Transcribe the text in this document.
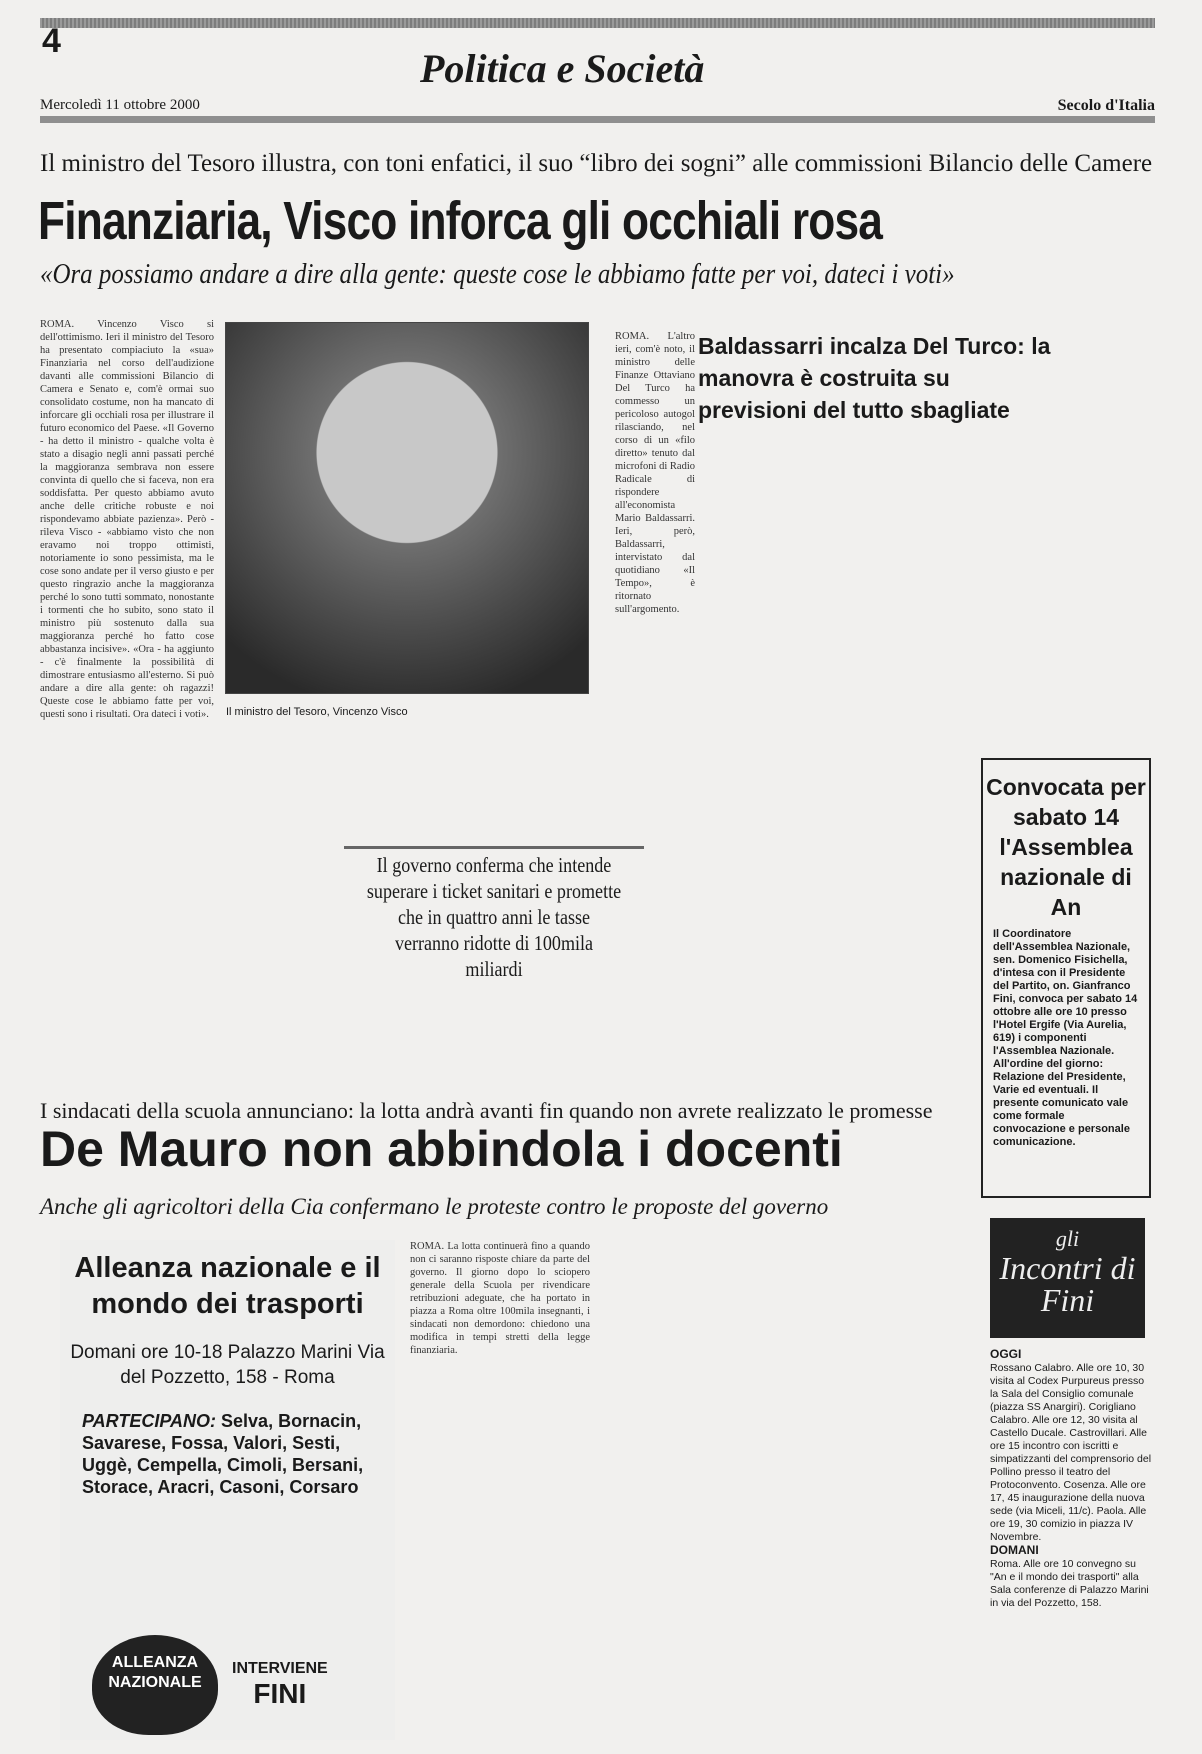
4
Politica e Società
Mercoledì 11 ottobre 2000	Secolo d'Italia
Il ministro del Tesoro illustra, con toni enfatici, il suo “libro dei sogni” alle commissioni Bilancio delle Camere
Finanziaria, Visco inforca gli occhiali rosa
«Ora possiamo andare a dire alla gente: queste cose le abbiamo fatte per voi, dateci i voti»
ROMA. Vincenzo Visco si dell'ottimismo. Ieri il ministro del Tesoro ha presentato compiaciuto la «sua» Finanziaria nel corso dell'audizione davanti alle commissioni Bilancio di Camera e Senato e, com'è ormai suo consolidato costume, non ha mancato di inforcare gli occhiali rosa per illustrare il futuro economico del Paese. «Il Governo - ha detto il ministro - qualche volta è stato a disagio negli anni passati perché la maggioranza sembrava non essere convinta di quello che si faceva, non era soddisfatta. Per questo abbiamo avuto anche delle critiche robuste e noi rispondevamo abbiate pazienza». Però - rileva Visco - «abbiamo visto che non eravamo noi troppo ottimisti, notoriamente io sono pessimista, ma le cose sono andate per il verso giusto e per questo ringrazio anche la maggioranza perché lo sono tutti sommato, nonostante i tormenti che ho subito, sono stato il ministro più sostenuto dalla sua maggioranza perché ho fatto cose abbastanza incisive». «Ora - ha aggiunto - c'è finalmente la possibilità di dimostrare entusiasmo all'esterno. Si può andare a dire alla gente: oh ragazzi! Queste cose le abbiamo fatte per voi, questi sono i risultati. Ora dateci i voti».	Il ministro del Tesoro, Vincenzo Visco
ROMA. L'altro ieri, com'è noto, il ministro delle Finanze Ottaviano Del Turco ha commesso un pericoloso autogol rilasciando, nel corso di un «filo diretto» tenuto dal microfoni di Radio Radicale di rispondere all'economista Mario Baldassarri. Ieri, però, Baldassarri, intervistato dal quotidiano «Il Tempo», è ritornato sull'argomento.
Baldassarri incalza Del Turco: la manovra è costruita su previsioni del tutto sbagliate
Il governo conferma che intende superare i ticket sanitari e promette che in quattro anni le tasse verranno ridotte di 100mila miliardi
Convocata per sabato 14 l'Assemblea nazionale di An

Il Coordinatore dell'Assemblea Nazionale, sen. Domenico Fisichella, d'intesa con il Presidente del Partito, on. Gianfranco Fini, convoca per sabato 14 ottobre alle ore 10 presso l'Hotel Ergife (Via Aurelia, 619) i componenti l'Assemblea Nazionale. All'ordine del giorno: Relazione del Presidente, Varie ed eventuali. Il presente comunicato vale come formale convocazione e personale comunicazione.

I sindacati della scuola annunciano: la lotta andrà avanti fin quando non avrete realizzato le promesse
De Mauro non abbindola i docenti
Anche gli agricoltori della Cia confermano le proteste contro le proposte del governo
Alleanza nazionale e il mondo dei trasporti
Domani ore 10-18 Palazzo Marini Via del Pozzetto, 158 - Roma
PARTECIPANO: Selva, Bornacin, Savarese, Fossa, Valori, Sesti, Uggè, Cempella, Cimoli, Bersani, Storace, Aracri, Casoni, Corsaro
ALLEANZA NAZIONALE
INTERVIENE
FINI
ROMA. La lotta continuerà fino a quando non ci saranno risposte chiare da parte del governo. Il giorno dopo lo sciopero generale della Scuola per rivendicare retribuzioni adeguate, che ha portato in piazza a Roma oltre 100mila insegnanti, i sindacati non demordono: chiedono una modifica in tempi stretti della legge finanziaria.
gli
Incontri di Fini
OGGI
Rossano Calabro. Alle ore 10, 30 visita al Codex Purpureus presso la Sala del Consiglio comunale (piazza SS Anargiri). Corigliano Calabro. Alle ore 12, 30 visita al Castello Ducale. Castrovillari. Alle ore 15 incontro con iscritti e simpatizzanti del comprensorio del Pollino presso il teatro del Protoconvento. Cosenza. Alle ore 17, 45 inaugurazione della nuova sede (via Miceli, 11/c). Paola. Alle ore 19, 30 comizio in piazza IV Novembre.
DOMANI
Roma. Alle ore 10 convegno su "An e il mondo dei trasporti" alla Sala conferenze di Palazzo Marini in via del Pozzetto, 158.
